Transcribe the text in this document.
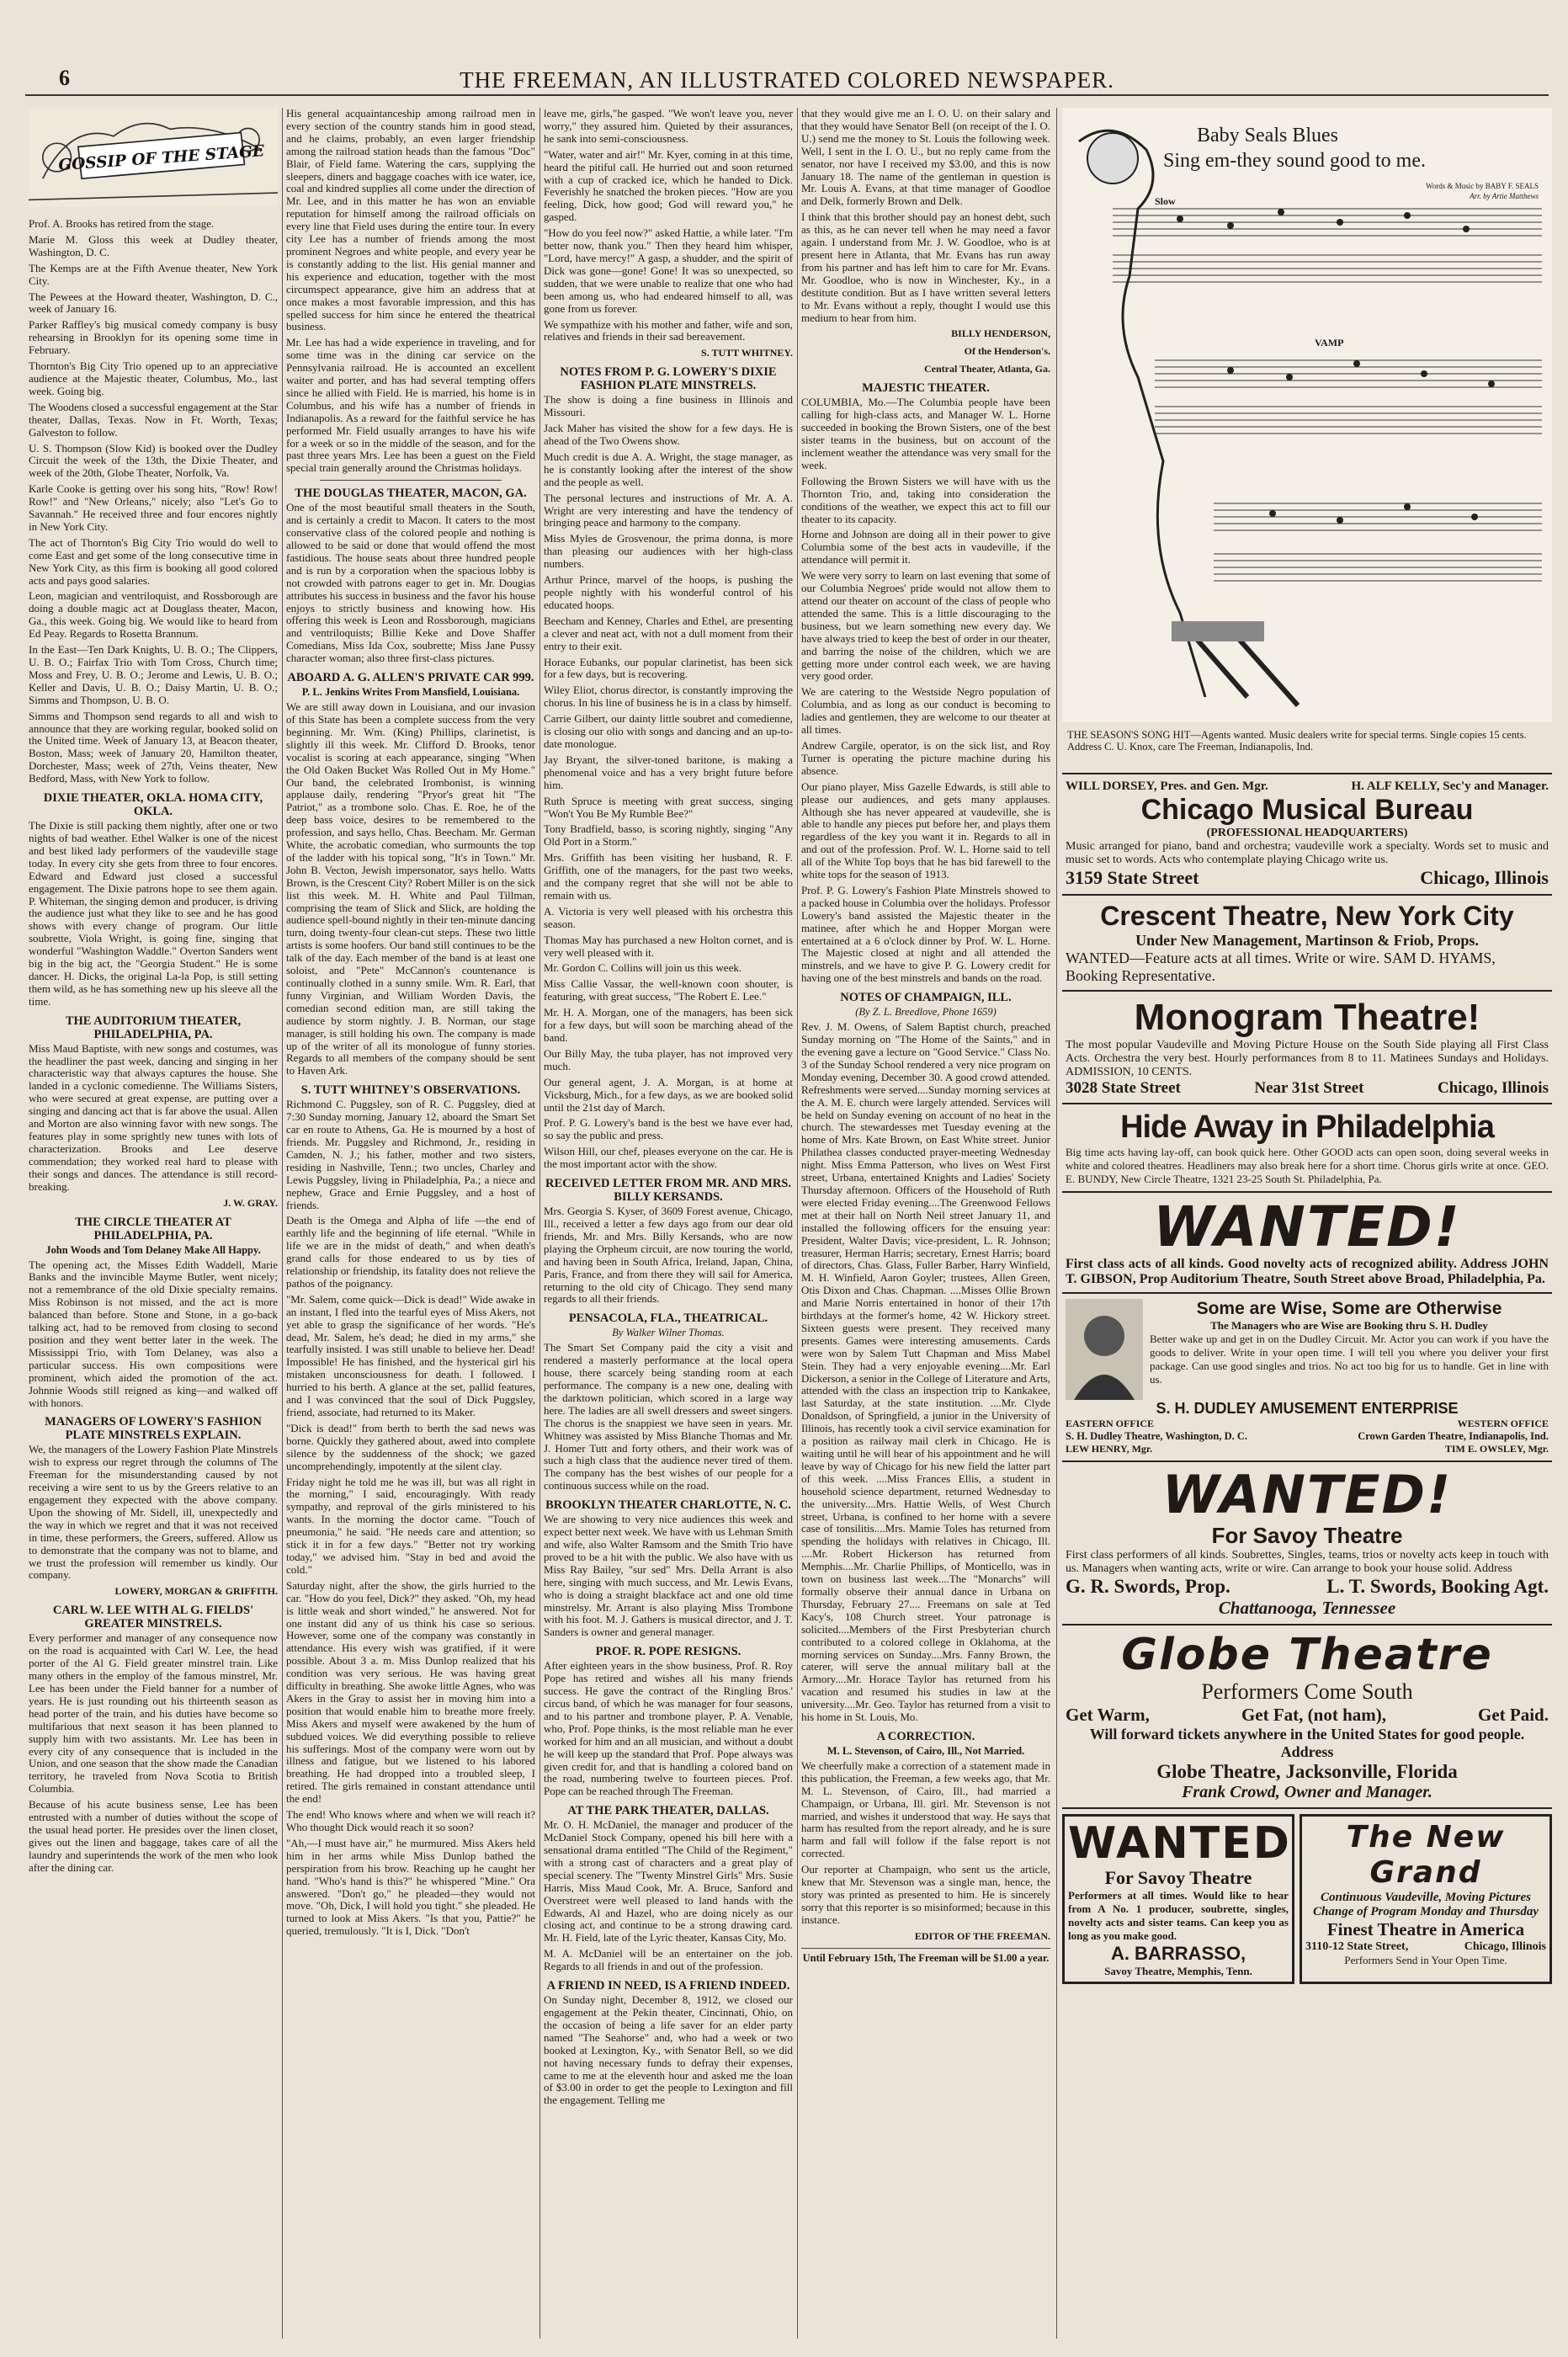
6	THE FREEMAN, AN ILLUSTRATED COLORED NEWSPAPER.
GOSSIP OF THE STAGE

Prof. A. Brooks has retired from the stage.

Marie M. Gloss this week at Dudley theater, Washington, D. C.

The Kemps are at the Fifth Avenue theater, New York City.

The Pewees at the Howard theater, Washington, D. C., week of January 16.

Parker Raffley's big musical comedy company is busy rehearsing in Brooklyn for its opening some time in February.

Thornton's Big City Trio opened up to an appreciative audience at the Majestic theater, Columbus, Mo., last week. Going big.

The Woodens closed a successful engagement at the Star theater, Dallas, Texas. Now in Ft. Worth, Texas; Galveston to follow.

U. S. Thompson (Slow Kid) is booked over the Dudley Circuit the week of the 13th, the Dixie Theater, and week of the 20th, Globe Theater, Norfolk, Va.

Karle Cooke is getting over his song hits, "Row! Row! Row!" and "New Orleans," nicely; also "Let's Go to Savannah." He received three and four encores nightly in New York City.

The act of Thornton's Big City Trio would do well to come East and get some of the long consecutive time in New York City, as this firm is booking all good colored acts and pays good salaries.

Leon, magician and ventriloquist, and Rossborough are doing a double magic act at Douglass theater, Macon, Ga., this week. Going big. We would like to heard from Ed Peay. Regards to Rosetta Brannum.

In the East—Ten Dark Knights, U. B. O.; The Clippers, U. B. O.; Fairfax Trio with Tom Cross, Church time; Moss and Frey, U. B. O.; Jerome and Lewis, U. B. O.; Keller and Davis, U. B. O.; Daisy Martin, U. B. O.; Simms and Thompson, U. B. O.

Simms and Thompson send regards to all and wish to announce that they are working regular, booked solid on the United time. Week of January 13, at Beacon theater, Boston, Mass; week of January 20, Hamilton theater, Dorchester, Mass; week of 27th, Veins theater, New Bedford, Mass, with New York to follow.

DIXIE THEATER, OKLA. HOMA CITY, OKLA.

The Dixie is still packing them nightly, after one or two nights of bad weather. Ethel Walker is one of the nicest and best liked lady performers of the vaudeville stage today. In every city she gets from three to four encores. Edward and Edward just closed a successful engagement. The Dixie patrons hope to see them again. P. Whiteman, the singing demon and producer, is driving the audience just what they like to see and he has good shows with every change of program. Our little soubrette, Viola Wright, is going fine, singing that wonderful "Washington Waddle." Overton Sanders went big in the big act, the "Georgia Student." He is some dancer. H. Dicks, the original La-la Pop, is still setting them wild, as he has something new up his sleeve all the time.

THE AUDITORIUM THEATER, PHILADELPHIA, PA.

Miss Maud Baptiste, with new songs and costumes, was the headliner the past week, dancing and singing in her characteristic way that always captures the house. She landed in a cyclonic comedienne. The Williams Sisters, who were secured at great expense, are putting over a singing and dancing act that is far above the usual. Allen and Morton are also winning favor with new songs. The features play in some sprightly new tunes with lots of characterization. Brooks and Lee deserve commendation; they worked real hard to please with their songs and dances. The attendance is still record-breaking.

J. W. GRAY.
THE CIRCLE THEATER AT PHILADELPHIA, PA.
John Woods and Tom Delaney Make All Happy.

The opening act, the Misses Edith Waddell, Marie Banks and the invincible Mayme Butler, went nicely; not a remembrance of the old Dixie specialty remains. Miss Robinson is not missed, and the act is more balanced than before. Stone and Stone, in a go-back talking act, had to be removed from closing to second position and they went better later in the week. The Mississippi Trio, with Tom Delaney, was also a particular success. His own compositions were prominent, which aided the promotion of the act. Johnnie Woods still reigned as king—and walked off with honors.

MANAGERS OF LOWERY'S FASHION PLATE MINSTRELS EXPLAIN.

We, the managers of the Lowery Fashion Plate Minstrels wish to express our regret through the columns of The Freeman for the misunderstanding caused by not receiving a wire sent to us by the Greers relative to an engagement they expected with the above company. Upon the showing of Mr. Sidell, ill, unexpectedly and the way in which we regret and that it was not received in time, these performers, the Greers, suffered. Allow us to demonstrate that the company was not to blame, and we trust the profession will remember us kindly. Our company.

LOWERY, MORGAN & GRIFFITH.
CARL W. LEE WITH AL G. FIELDS' GREATER MINSTRELS.

Every performer and manager of any consequence now on the road is acquainted with Carl W. Lee, the head porter of the Al G. Field greater minstrel train. Like many others in the employ of the famous minstrel, Mr. Lee has been under the Field banner for a number of years. He is just rounding out his thirteenth season as head porter of the train, and his duties have become so multifarious that next season it has been planned to supply him with two assistants. Mr. Lee has been in every city of any consequence that is included in the Union, and one season that the show made the Canadian territory, he traveled from Nova Scotia to British Columbia.

Because of his acute business sense, Lee has been entrusted with a number of duties without the scope of the usual head porter. He presides over the linen closet, gives out the linen and baggage, takes care of all the laundry and superintends the work of the men who look after the dining car.

His general acquaintanceship among railroad men in every section of the country stands him in good stead, and he claims, probably, an even larger friendship among the railroad station heads than the famous "Doc" Blair, of Field fame. Watering the cars, supplying the sleepers, diners and baggage coaches with ice water, ice, coal and kindred supplies all come under the direction of Mr. Lee, and in this matter he has won an enviable reputation for himself among the railroad officials on every line that Field uses during the entire tour. In every city Lee has a number of friends among the most prominent Negroes and white people, and every year he is constantly adding to the list. His genial manner and his experience and education, together with the most circumspect appearance, give him an address that at once makes a most favorable impression, and this has spelled success for him since he entered the theatrical business.

Mr. Lee has had a wide experience in traveling, and for some time was in the dining car service on the Pennsylvania railroad. He is accounted an excellent waiter and porter, and has had several tempting offers since he allied with Field. He is married, his home is in Columbus, and his wife has a number of friends in Indianapolis. As a reward for the faithful service he has performed Mr. Field usually arranges to have his wife for a week or so in the middle of the season, and for the past three years Mrs. Lee has been a guest on the Field special train generally around the Christmas holidays.

THE DOUGLAS THEATER, MACON, GA.

One of the most beautiful small theaters in the South, and is certainly a credit to Macon. It caters to the most conservative class of the colored people and nothing is allowed to be said or done that would offend the most fastidious. The house seats about three hundred people and is run by a corporation when the spacious lobby is not crowded with patrons eager to get in. Mr. Dougias attributes his success in business and the favor his house enjoys to strictly business and knowing how. His offering this week is Leon and Rossborough, magicians and ventriloquists; Billie Keke and Dove Shaffer Comedians, Miss Ida Cox, soubrette; Miss Jane Pussy character woman; also three first-class pictures.

ABOARD A. G. ALLEN'S PRIVATE CAR 999.
P. L. Jenkins Writes From Mansfield, Louisiana.

We are still away down in Louisiana, and our invasion of this State has been a complete success from the very beginning. Mr. Wm. (King) Phillips, clarinetist, is slightly ill this week. Mr. Clifford D. Brooks, tenor vocalist is scoring at each appearance, singing "When the Old Oaken Bucket Was Rolled Out in My Home." Our band, the celebrated Irombonist, is winning applause daily, rendering "Pryor's great hit "The Patriot," as a trombone solo. Chas. E. Roe, he of the deep bass voice, desires to be remembered to the profession, and says hello, Chas. Beecham. Mr. German White, the acrobatic comedian, who surmounts the top of the ladder with his topical song, "It's in Town." Mr. John B. Vecton, Jewish impersonator, says hello. Watts Brown, is the Crescent City? Robert Miller is on the sick list this week. M. H. White and Paul Tillman, comprising the team of Slick and Slick, are holding the audience spell-bound nightly in their ten-minute dancing turn, doing twenty-four clean-cut steps. These two little artists is some hoofers. Our band still continues to be the talk of the day. Each member of the band is at least one soloist, and "Pete" McCannon's countenance is continually clothed in a sunny smile. Wm. R. Earl, that funny Virginian, and William Worden Davis, the comedian second edition man, are still taking the audience by storm nightly. J. B. Norman, our stage manager, is still holding his own. The company is made up of the writer of all its monologue of funny stories. Regards to all members of the company should be sent to Haven Ark.

S. TUTT WHITNEY'S OBSERVATIONS.

Richmond C. Puggsley, son of R. C. Puggsley, died at 7:30 Sunday morning, January 12, aboard the Smart Set car en route to Athens, Ga. He is mourned by a host of friends. Mr. Puggsley and Richmond, Jr., residing in Camden, N. J.; his father, mother and two sisters, residing in Nashville, Tenn.; two uncles, Charley and Lewis Puggsley, living in Philadelphia, Pa.; a niece and nephew, Grace and Ernie Puggsley, and a host of friends.

Death is the Omega and Alpha of life —the end of earthly life and the beginning of life eternal. "While in life we are in the midst of death," and when death's grand calls for those endeared to us by ties of relationship or friendship, its fatality does not relieve the pathos of the poignancy.

"Mr. Salem, come quick—Dick is dead!" Wide awake in an instant, I fled into the tearful eyes of Miss Akers, not yet able to grasp the significance of her words. "He's dead, Mr. Salem, he's dead; he died in my arms," she tearfully insisted. I was still unable to believe her. Dead! Impossible! He has finished, and the hysterical girl his mistaken unconsciousness for death. I followed. I hurried to his berth. A glance at the set, pallid features, and I was convinced that the soul of Dick Puggsley, friend, associate, had returned to its Maker.

"Dick is dead!" from berth to berth the sad news was borne. Quickly they gathered about, awed into complete silence by the suddenness of the shock; we gazed uncomprehendingly, impotently at the silent clay.

Friday night he told me he was ill, but was all right in the morning," I said, encouragingly. With ready sympathy, and reproval of the girls ministered to his wants. In the morning the doctor came. "Touch of pneumonia," he said. "He needs care and attention; so stick it in for a few days." "Better not try working today," we advised him. "Stay in bed and avoid the cold."

Saturday night, after the show, the girls hurried to the car. "How do you feel, Dick?" they asked. "Oh, my head is little weak and short winded," he answered. Not for one instant did any of us think his case so serious. However, some one of the company was constantly in attendance. His every wish was gratified, if it were possible. About 3 a. m. Miss Dunlop realized that his condition was very serious. He was having great difficulty in breathing. She awoke little Agnes, who was Akers in the Gray to assist her in moving him into a position that would enable him to breathe more freely. Miss Akers and myself were awakened by the hum of subdued voices. We did everything possible to relieve his sufferings. Most of the company were worn out by illness and fatigue, but we listened to his labored breathing. He had dropped into a troubled sleep, I retired. The girls remained in constant attendance until the end!

The end! Who knows where and when we will reach it? Who thought Dick would reach it so soon?

"Ah,—I must have air," he murmured. Miss Akers held him in her arms while Miss Dunlop bathed the perspiration from his brow. Reaching up he caught her hand. "Who's hand is this?" he whispered "Mine." Ora answered. "Don't go," he pleaded—they would not move. "Oh, Dick, I will hold you tight." she pleaded. He turned to look at Miss Akers. "Is that you, Pattie?" he queried, tremulously. "It is I, Dick. "Don't

leave me, girls,"he gasped. "We won't leave you, never worry," they assured him. Quieted by their assurances, he sank into semi-consciousness.

"Water, water and air!" Mr. Kyer, coming in at this time, heard the pitiful call. He hurried out and soon returned with a cup of cracked ice, which he handed to Dick. Feverishly he snatched the broken pieces. "How are you feeling, Dick, how good; God will reward you," he gasped.

"How do you feel now?" asked Hattie, a while later. "I'm better now, thank you." Then they heard him whisper, "Lord, have mercy!" A gasp, a shudder, and the spirit of Dick was gone—gone! Gone! It was so unexpected, so sudden, that we were unable to realize that one who had been among us, who had endeared himself to all, was gone from us forever.

We sympathize with his mother and father, wife and son, relatives and friends in their sad bereavement.

S. TUTT WHITNEY.
NOTES FROM P. G. LOWERY'S DIXIE FASHION PLATE MINSTRELS.

The show is doing a fine business in Illinois and Missouri.

Jack Maher has visited the show for a few days. He is ahead of the Two Owens show.

Much credit is due A. A. Wright, the stage manager, as he is constantly looking after the interest of the show and the people as well.

The personal lectures and instructions of Mr. A. A. Wright are very interesting and have the tendency of bringing peace and harmony to the company.

Miss Myles de Grosvenour, the prima donna, is more than pleasing our audiences with her high-class numbers.

Arthur Prince, marvel of the hoops, is pushing the people nightly with his wonderful control of his educated hoops.

Beecham and Kenney, Charles and Ethel, are presenting a clever and neat act, with not a dull moment from their entry to their exit.

Horace Eubanks, our popular clarinetist, has been sick for a few days, but is recovering.

Wiley Eliot, chorus director, is constantly improving the chorus. In his line of business he is in a class by himself.

Carrie Gilbert, our dainty little soubret and comedienne, is closing our olio with songs and dancing and an up-to-date monologue.

Jay Bryant, the silver-toned baritone, is making a phenomenal voice and has a very bright future before him.

Ruth Spruce is meeting with great success, singing "Won't You Be My Rumble Bee?"

Tony Bradfield, basso, is scoring nightly, singing "Any Old Port in a Storm."

Mrs. Griffith has been visiting her husband, R. F. Griffith, one of the managers, for the past two weeks, and the company regret that she will not be able to remain with us.

A. Victoria is very well pleased with his orchestra this season.

Thomas May has purchased a new Holton cornet, and is very well pleased with it.

Mr. Gordon C. Collins will join us this week.

Miss Callie Vassar, the well-known coon shouter, is featuring, with great success, "The Robert E. Lee."

Mr. H. A. Morgan, one of the managers, has been sick for a few days, but will soon be marching ahead of the band.

Our Billy May, the tuba player, has not improved very much.

Our general agent, J. A. Morgan, is at home at Vicksburg, Mich., for a few days, as we are booked solid until the 21st day of March.

Prof. P. G. Lowery's band is the best we have ever had, so say the public and press.

Wilson Hill, our chef, pleases everyone on the car. He is the most important actor with the show.

RECEIVED LETTER FROM MR. AND MRS. BILLY KERSANDS.

Mrs. Georgia S. Kyser, of 3609 Forest avenue, Chicago, Ill., received a letter a few days ago from our dear old friends, Mr. and Mrs. Billy Kersands, who are now playing the Orpheum circuit, are now touring the world, and having been in South Africa, Ireland, Japan, China, Paris, France, and from there they will sail for America, returning to the old city of Chicago. They send many regards to all their friends.

PENSACOLA, FLA., THEATRICAL.
By Walker Wilner Thomas.

The Smart Set Company paid the city a visit and rendered a masterly performance at the local opera house, there scarcely being standing room at each performance. The company is a new one, dealing with the darktown politician, which scored in a large way here. The ladies are all swell dressers and sweet singers. The chorus is the snappiest we have seen in years. Mr. Whitney was assisted by Miss Blanche Thomas and Mr. J. Homer Tutt and forty others, and their work was of such a high class that the audience never tired of them. The company has the best wishes of our people for a continuous success while on the road.

BROOKLYN THEATER CHARLOTTE, N. C.

We are showing to very nice audiences this week and expect better next week. We have with us Lehman Smith and wife, also Walter Ramsom and the Smith Trio have proved to be a hit with the public. We also have with us Miss Ray Bailey, "sur sed" Mrs. Della Arrant is also here, singing with much success, and Mr. Lewis Evans, who is doing a straight blackface act and one old time minstrelsy. Mr. Arrant is also playing Miss Trombone with his foot. M. J. Gathers is musical director, and J. T. Sanders is owner and general manager.

PROF. R. POPE RESIGNS.

After eighteen years in the show business, Prof. R. Roy Pope has retired and wishes all his many friends success. He gave the contract of the Ringling Bros.' circus band, of which he was manager for four seasons, and to his partner and trombone player, P. A. Venable, who, Prof. Pope thinks, is the most reliable man he ever worked for him and an all musician, and without a doubt he will keep up the standard that Prof. Pope always was given credit for, and that is handling a colored band on the road, numbering twelve to fourteen pieces. Prof. Pope can be reached through The Freeman.

AT THE PARK THEATER, DALLAS.

Mr. O. H. McDaniel, the manager and producer of the McDaniel Stock Company, opened his bill here with a sensational drama entitled "The Child of the Regiment," with a strong cast of characters and a great play of special scenery. The "Twenty Minstrel Girls" Mrs. Susie Harris, Miss Maud Cook, Mr. A. Bruce, Sanford and Overstreet were well pleased to land hands with the Edwards, Al and Hazel, who are doing nicely as our closing act, and continue to be a strong drawing card. Mr. H. Field, late of the Lyric theater, Kansas City, Mo.

M. A. McDaniel will be an entertainer on the job. Regards to all friends in and out of the profession.

A FRIEND IN NEED, IS A FRIEND INDEED.

On Sunday night, December 8, 1912, we closed our engagement at the Pekin theater, Cincinnati, Ohio, on the occasion of being a life saver for an elder party named "The Seahorse" and, who had a week or two booked at Lexington, Ky., with Senator Bell, so we did not having necessary funds to defray their expenses, came to me at the eleventh hour and asked me the loan of $3.00 in order to get the people to Lexington and fill the engagement. Telling me

Baby Seals Blues
Sing em-they sound good to me.
Words & Music by BABY F. SEALS
Arr. by Artie Matthews
Slow
VAMP
THE SEASON'S SONG HIT—Agents wanted. Music dealers write for special terms. Single copies 15 cents. Address C. U. Knox, care The Freeman, Indianapolis, Ind.
WILL DORSEY, Pres. and Gen. Mgr.	H. ALF KELLY, Sec'y and Manager.
Chicago Musical Bureau
(PROFESSIONAL HEADQUARTERS)
Music arranged for piano, band and orchestra; vaudeville work a specialty. Words set to music and music set to words. Acts who contemplate playing Chicago write us.
3159 State Street	Chicago, Illinois
Crescent Theatre, New York City
Under New Management, Martinson & Friob, Props.
WANTED—Feature acts at all times. Write or wire. SAM D. HYAMS, Booking Representative.
Monogram Theatre!
The most popular Vaudeville and Moving Picture House on the South Side playing all First Class Acts. Orchestra the very best. Hourly performances from 8 to 11. Matinees Sundays and Holidays. ADMISSION, 10 CENTS.
3028 State Street	Near 31st Street	Chicago, Illinois
Hide Away in Philadelphia
Big time acts having lay-off, can book quick here. Other GOOD acts can open soon, doing several weeks in white and colored theatres. Headliners may also break here for a short time. Chorus girls write at once. GEO. E. BUNDY, New Circle Theatre, 1321 23-25 South St. Philadelphia, Pa.
WANTED!
First class acts of all kinds. Good novelty acts of recognized ability. Address JOHN T. GIBSON, Prop Auditorium Theatre, South Street above Broad, Philadelphia, Pa.
Some are Wise, Some are Otherwise
The Managers who are Wise are Booking thru S. H. Dudley
Better wake up and get in on the Dudley Circuit. Mr. Actor you can work if you have the goods to deliver. Write in your open time. I will tell you where you deliver your first package. Can use good singles and trios. No act too big for us to handle. Get in line with us.
S. H. DUDLEY AMUSEMENT ENTERPRISE
EASTERN OFFICE	WESTERN OFFICE
S. H. Dudley Theatre, Washington, D. C.	Crown Garden Theatre, Indianapolis, Ind.
LEW HENRY, Mgr.	TIM E. OWSLEY, Mgr.
WANTED!
For Savoy Theatre
First class performers of all kinds. Soubrettes, Singles, teams, trios or novelty acts keep in touch with us. Managers when wanting acts, write or wire. Can arrange to book your house solid. Address
G. R. Swords, Prop.	L. T. Swords, Booking Agt.
Chattanooga, Tennessee
Globe Theatre
Performers Come South
Get Warm,	Get Fat, (not ham),	Get Paid.
Will forward tickets anywhere in the United States for good people. Address
Globe Theatre, Jacksonville, Florida
Frank Crowd, Owner and Manager.
WANTED
For Savoy Theatre
Performers at all times. Would like to hear from A No. 1 producer, soubrette, singles, novelty acts and sister teams. Can keep you as long as you make good.
A. BARRASSO,
Savoy Theatre, Memphis, Tenn.
The New Grand
Continuous Vaudeville, Moving Pictures
Change of Program Monday and Thursday
Finest Theatre in America
3110-12 State Street,	Chicago, Illinois
Performers Send in Your Open Time.

that they would give me an I. O. U. on their salary and that they would have Senator Bell (on receipt of the I. O. U.) send me the money to St. Louis the following week. Well, I sent in the I. O. U., but no reply came from the senator, nor have I received my $3.00, and this is now January 18. The name of the gentleman in question is Mr. Louis A. Evans, at that time manager of Goodloe and Delk, formerly Brown and Delk.

I think that this brother should pay an honest debt, such as this, as he can never tell when he may need a favor again. I understand from Mr. J. W. Goodloe, who is at present here in Atlanta, that Mr. Evans has run away from his partner and has left him to care for Mr. Evans. Mr. Goodloe, who is now in Winchester, Ky., in a destitute condition. But as I have written several letters to Mr. Evans without a reply, thought I would use this medium to hear from him.

BILLY HENDERSON,
Of the Henderson's.
Central Theater, Atlanta, Ga.
MAJESTIC THEATER.

COLUMBIA, Mo.—The Columbia people have been calling for high-class acts, and Manager W. L. Horne succeeded in booking the Brown Sisters, one of the best sister teams in the business, but on account of the inclement weather the attendance was very small for the week.

Following the Brown Sisters we will have with us the Thornton Trio, and, taking into consideration the conditions of the weather, we expect this act to fill our theater to its capacity.

Horne and Johnson are doing all in their power to give Columbia some of the best acts in vaudeville, if the attendance will permit it.

We were very sorry to learn on last evening that some of our Columbia Negroes' pride would not allow them to attend our theater on account of the class of people who attended the same. This is a little discouraging to the business, but we learn something new every day. We have always tried to keep the best of order in our theater, and barring the noise of the children, which we are getting more under control each week, we are having very good order.

We are catering to the Westside Negro population of Columbia, and as long as our conduct is becoming to ladies and gentlemen, they are welcome to our theater at all times.

Andrew Cargile, operator, is on the sick list, and Roy Turner is operating the picture machine during his absence.

Our piano player, Miss Gazelle Edwards, is still able to please our audiences, and gets many applauses. Although she has never appeared at vaudeville, she is able to handle any pieces put before her, and plays them regardless of the key you want it in. Regards to all in and out of the profession. Prof. W. L. Horne said to tell all of the White Top boys that he has bid farewell to the white tops for the season of 1913.

Prof. P. G. Lowery's Fashion Plate Minstrels showed to a packed house in Columbia over the holidays. Professor Lowery's band assisted the Majestic theater in the matinee, after which he and Hopper Morgan were entertained at a 6 o'clock dinner by Prof. W. L. Horne. The Majestic closed at night and all attended the minstrels, and we have to give P. G. Lowery credit for having one of the best minstrels and bands on the road.

NOTES OF CHAMPAIGN, ILL.
(By Z. L. Breedlove, Phone 1659)

Rev. J. M. Owens, of Salem Baptist church, preached Sunday morning on "The Home of the Saints," and in the evening gave a lecture on "Good Service." Class No. 3 of the Sunday School rendered a very nice program on Monday evening, December 30. A good crowd attended. Refreshments were served....Sunday morning services at the A. M. E. church were largely attended. Services will be held on Sunday evening on account of no heat in the church. The stewardesses met Tuesday evening at the home of Mrs. Kate Brown, on East White street. Junior Philathea classes conducted prayer-meeting Wednesday night. Miss Emma Patterson, who lives on West First street, Urbana, entertained Knights and Ladies' Society Thursday afternoon. Officers of the Household of Ruth were elected Friday evening....The Greenwood Fellows met at their hall on North Neil street January 11, and installed the following officers for the ensuing year: President, Walter Davis; vice-president, L. R. Johnson; treasurer, Herman Harris; secretary, Ernest Harris; board of directors, Chas. Glass, Fuller Barber, Harry Winfield, M. H. Winfield, Aaron Goyler; trustees, Allen Green, Otis Dixon and Chas. Chapman. ....Misses Ollie Brown and Marie Norris entertained in honor of their 17th birthdays at the former's home, 42 W. Hickory street. Sixteen guests were present. They received many presents. Games were interesting amusements. Cards were won by Salem Tutt Chapman and Miss Mabel Stein. They had a very enjoyable evening....Mr. Earl Dickerson, a senior in the College of Literature and Arts, attended with the class an inspection trip to Kankakee, last Saturday, at the state institution. ....Mr. Clyde Donaldson, of Springfield, a junior in the University of Illinois, has recently took a civil service examination for a position as railway mail clerk in Chicago. He is waiting until he will hear of his appointment and he will leave by way of Chicago for his new field the latter part of this week. ....Miss Frances Ellis, a student in household science department, returned Wednesday to the university....Mrs. Hattie Wells, of West Church street, Urbana, is confined to her home with a severe case of tonsilitis....Mrs. Mamie Toles has returned from spending the holidays with relatives in Chicago, Ill. ....Mr. Robert Hickerson has returned from Memphis....Mr. Charlie Phillips, of Monticello, was in town on business last week....The "Monarchs" will formally observe their annual dance in Urbana on Thursday, February 27.... Freemans on sale at Ted Kacy's, 108 Church street. Your patronage is solicited....Members of the First Presbyterian church contributed to a colored college in Oklahoma, at the morning services on Sunday....Mrs. Fanny Brown, the caterer, will serve the annual military ball at the Armory....Mr. Horace Taylor has returned from his vacation and resumed his studies in law at the university....Mr. Geo. Taylor has returned from a visit to his home in St. Louis, Mo.

A CORRECTION.
M. L. Stevenson, of Cairo, Ill., Not Married.

We cheerfully make a correction of a statement made in this publication, the Freeman, a few weeks ago, that Mr. M. L. Stevenson, of Cairo, Ill., had married a Champaign, or Urbana, Ill. girl. Mr. Stevenson is not married, and wishes it understood that way. He says that harm has resulted from the report already, and he is sure harm and fall will follow if the false report is not corrected.

Our reporter at Champaign, who sent us the article, knew that Mr. Stevenson was a single man, hence, the story was printed as presented to him. He is sincerely sorry that this reporter is so misinformed; because in this instance.

EDITOR OF THE FREEMAN.
Until February 15th, The Freeman will be $1.00 a year.
